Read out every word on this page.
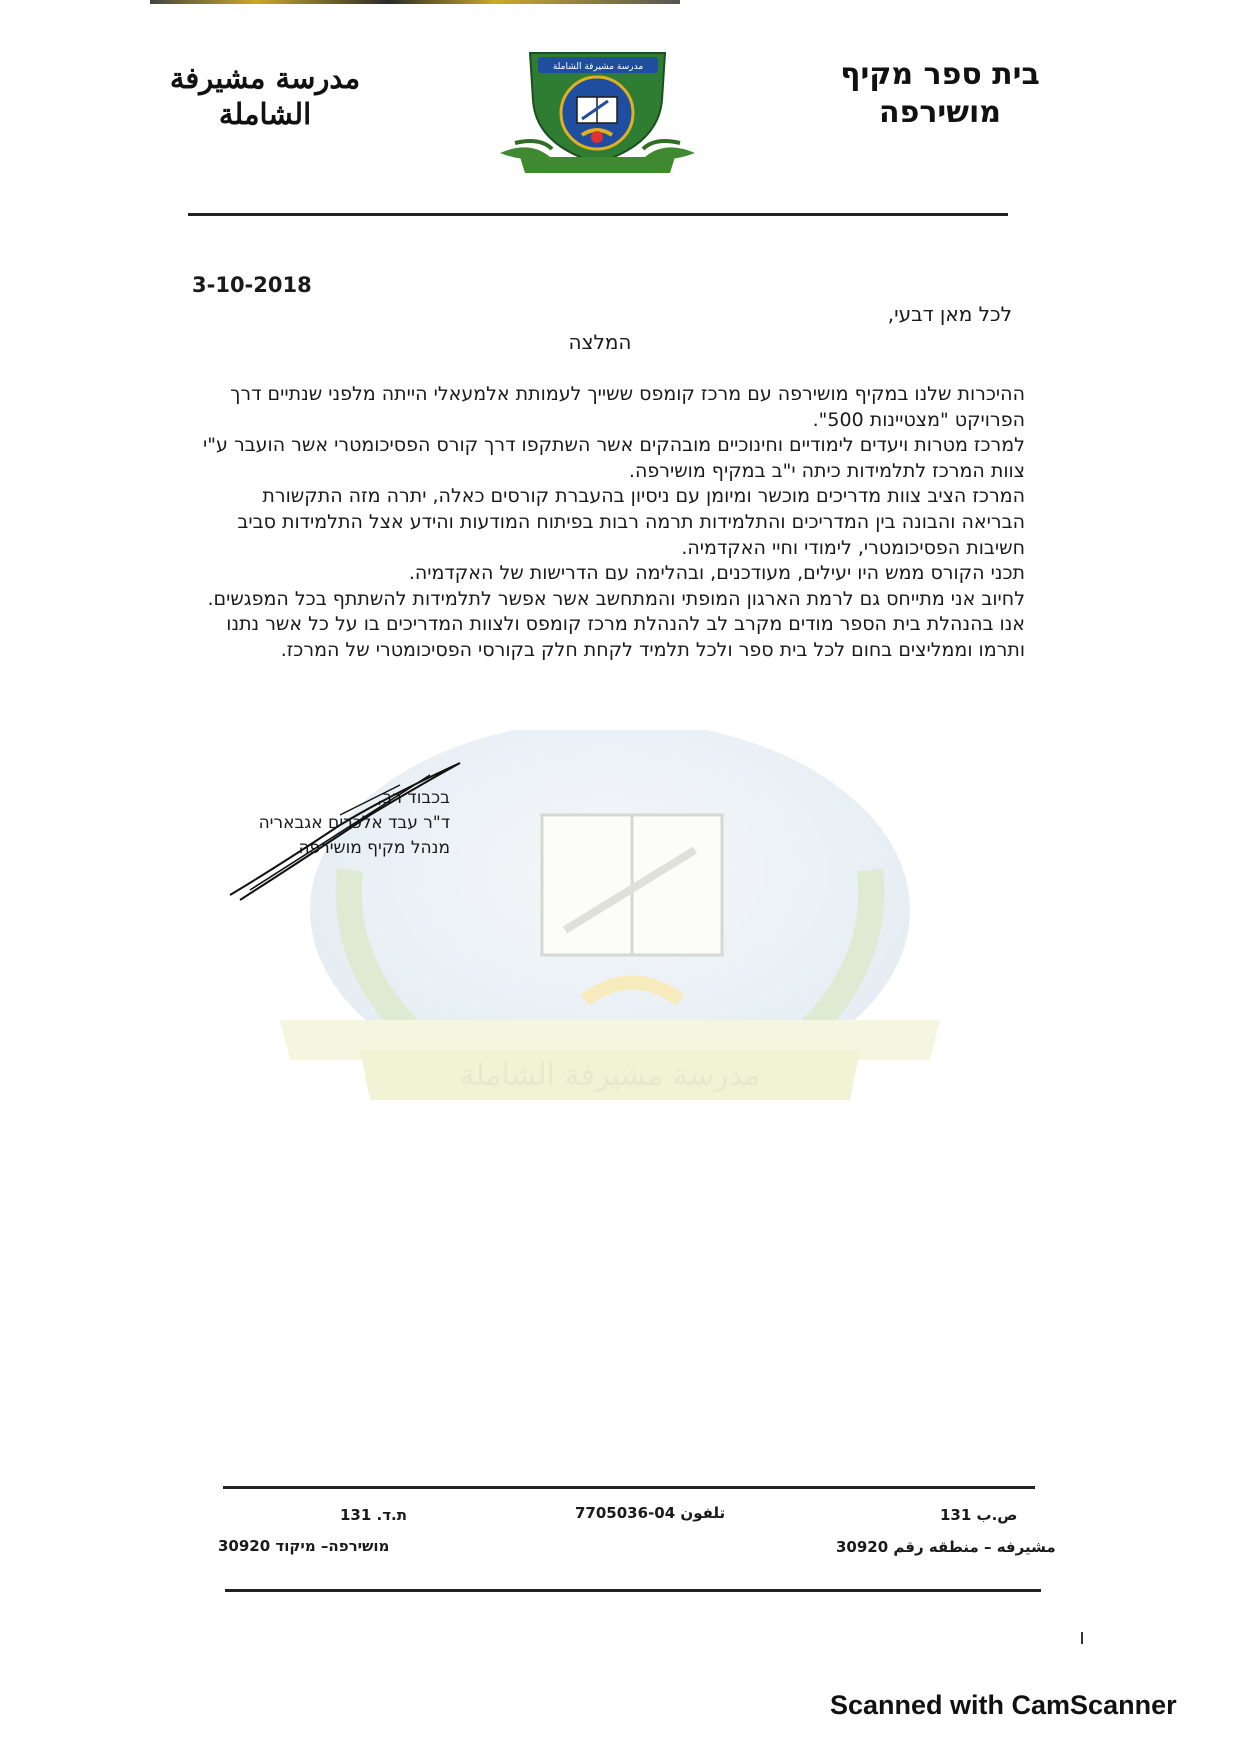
مدرسة مشيرفة
الشاملة
مدرسة مشيرفة الشاملة	בית ספר מקיף
מושירפה
مدرسة مشيرفة الشاملة
3-10-2018
לכל מאן דבעי,
המלצה

ההיכרות שלנו במקיף מושירפה עם מרכז קומפס ששייך לעמותת אלמעאלי הייתה מלפני שנתיים דרך הפרויקט "מצטיינות 500".

למרכז מטרות ויעדים לימודיים וחינוכיים מובהקים אשר השתקפו דרך קורס הפסיכומטרי אשר הועבר ע"י צוות המרכז לתלמידות כיתה י"ב במקיף מושירפה.

המרכז הציב צוות מדריכים מוכשר ומיומן עם ניסיון בהעברת קורסים כאלה, יתרה מזה התקשורת הבריאה והבונה בין המדריכים והתלמידות תרמה רבות בפיתוח המודעות והידע אצל התלמידות סביב חשיבות הפסיכומטרי, לימודי וחיי האקדמיה.

תכני הקורס ממש היו יעילים, מעודכנים, ובהלימה עם הדרישות של האקדמיה.

לחיוב אני מתייחס גם לרמת הארגון המופתי והמתחשב אשר אפשר לתלמידות להשתתף בכל המפגשים.

אנו בהנהלת בית הספר מודים מקרב לב להנהלת מרכז קומפס ולצוות המדריכים בו על כל אשר נתנו ותרמו וממליצים בחום לכל בית ספר ולכל תלמיד לקחת חלק בקורסי הפסיכומטרי של המרכז.

בכבוד רב,

ד"ר עבד אלכרים אגבאריה

מנהל מקיף מושירפה

ת.ד. 131
מושירפה– מיקוד 30920
تلفون 04-7705036	ص.ب 131
مشيرفه – منطقه رقم 30920
Scanned with CamScanner
